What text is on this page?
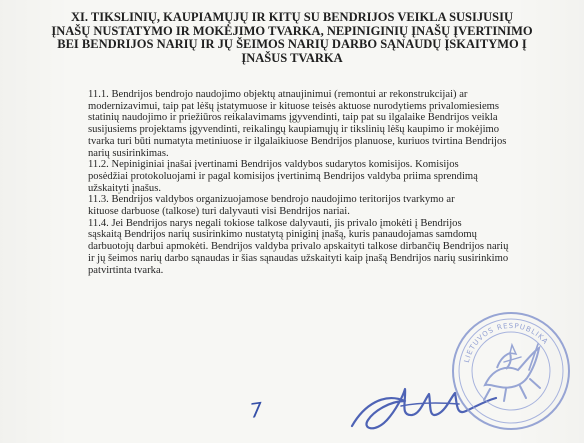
XI. TIKSLINIŲ, KAUPIAMŲJŲ IR KITŲ SU BENDRIJOS VEIKLA SUSIJUSIŲ
ĮNAŠŲ NUSTATYMO IR MOKĖJIMO TVARKA, NEPINIGINIŲ ĮNAŠŲ ĮVERTINIMO
BEI BENDRIJOS NARIŲ IR JŲ ŠEIMOS NARIŲ DARBO SĄNAUDŲ ĮSKAITYMO Į
ĮNAŠUS TVARKA
11.1. Bendrijos bendrojo naudojimo objektų atnaujinimui (remontui ar rekonstrukcijai) ar
modernizavimui, taip pat lėšų įstatymuose ir kituose teisės aktuose nurodytiems privalomiesiems
statinių naudojimo ir priežiūros reikalavimams įgyvendinti, taip pat su ilgalaike Bendrijos veikla
susijusiems projektams įgyvendinti, reikalingų kaupiamųjų ir tikslinių lėšų kaupimo ir mokėjimo
tvarka turi būti numatyta metiniuose ir ilgalaikiuose Bendrijos planuose, kuriuos tvirtina Bendrijos
narių susirinkimas.
11.2. Nepiniginiai įnašai įvertinami Bendrijos valdybos sudarytos komisijos. Komisijos
posėdžiai protokoluojami ir pagal komisijos įvertinimą Bendrijos valdyba priima sprendimą
užskaityti įnašus.
11.3. Bendrijos valdybos organizuojamose bendrojo naudojimo teritorijos tvarkymo ar
kituose darbuose (talkose) turi dalyvauti visi Bendrijos nariai.
11.4. Jei Bendrijos narys negali tokiose talkose dalyvauti, jis privalo įmokėti į Bendrijos
sąskaitą Bendrijos narių susirinkimo nustatytą piniginį įnašą, kuris panaudojamas samdomų
darbuotojų darbui apmokėti. Bendrijos valdyba privalo apskaityti talkose dirbančių Bendrijos narių
ir jų šeimos narių darbo sąnaudas ir šias sąnaudas užskaityti kaip įnašą Bendrijos narių susirinkimo
patvirtinta tvarka.
7
LIETUVOS RESPUBLIKA
